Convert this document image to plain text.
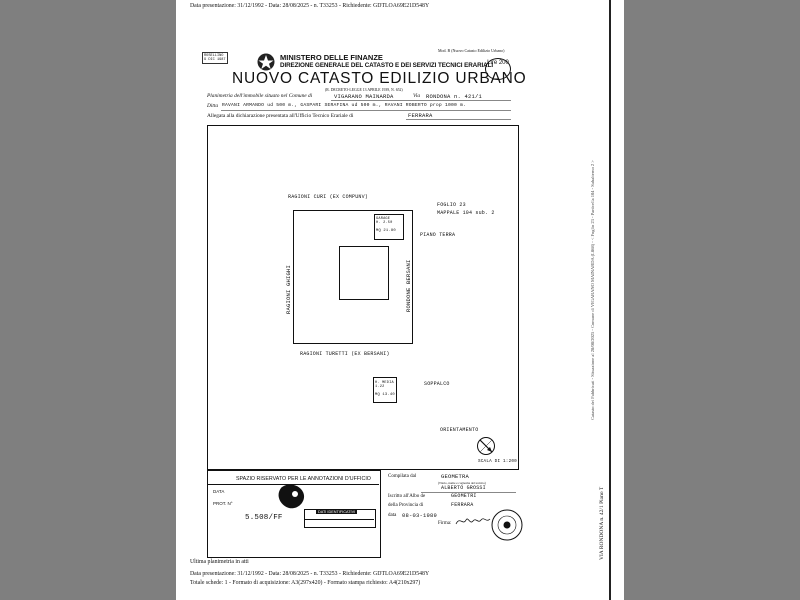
Data presentazione: 31/12/1992 - Data: 28/08/2025 - n. T33253 - Richiedente: GDTLOA69E21D548Y
ROSELLINO
9 DIC 1987	MINISTERO DELLE FINANZE
DIREZIONE GENERALE DEL CATASTO E DEI SERVIZI TECNICI ERARIALI
NUOVO CATASTO EDILIZIO URBANO
Mod. B (Nuovo Catasto Edilizio Urbano)
Lire 200
(R. DECRETO-LEGGE 13 APRILE 1939, N. 652)
Planimetria dell'immobile situato nel Comune di	VIGARANO MAINARDA	Via RONDONA n. 421/1
Ditta RAVANI ARMANDO ud 500 m., GASPARI SERAFINA ud 500 m., RAVANI ROBERTO prop 1000 m.
Allegata alla dichiarazione presentata all'Ufficio Tecnico Erariale di	FERRARA
RAGIONI CURI (EX COMPUNV)
FOGLIO 23
MAPPALE 104 sub. 2
GARAGE
H. 2.50
MQ 21.80
PIANO TERRA
RAGIONI GHIGHI	RONDONE BERSANI
RAGIONI TURETTI (EX BERSANI)
H. MEDIA
1.22
MQ 13.40
SOPPALCO
ORIENTAMENTO
SCALA DI 1:200
SPAZIO RISERVATO PER LE ANNOTAZIONI D'UFFICIO
DATA
PROT. N°
5.508/FF
DATI IDENTIFICATIVI
Compilata dal	GEOMETRA
(Titolo, nome e cognome del tecnico)
ALBERTO GROSSI
Iscritto all'Albo de	GEOMETRI
della Provincia di	FERRARA
data 08-03-1989
Firma:
Ultima planimetria in atti
Data presentazione: 31/12/1992 - Data: 28/08/2025 - n. T33253 - Richiedente: GDTLOA69E21D548Y
Totale schede: 1 - Formato di acquisizione: A3(297x420) - Formato stampa richiesto: A4(210x297)
VIA RONDONA n. 42/1 Piano T
Catasto dei Fabbricati - Situazione al 28/08/2025 - Comune di VIGARANO MAINARDA (L868) - < Foglio 23 - Particella 104 - Subalterno 2 >
